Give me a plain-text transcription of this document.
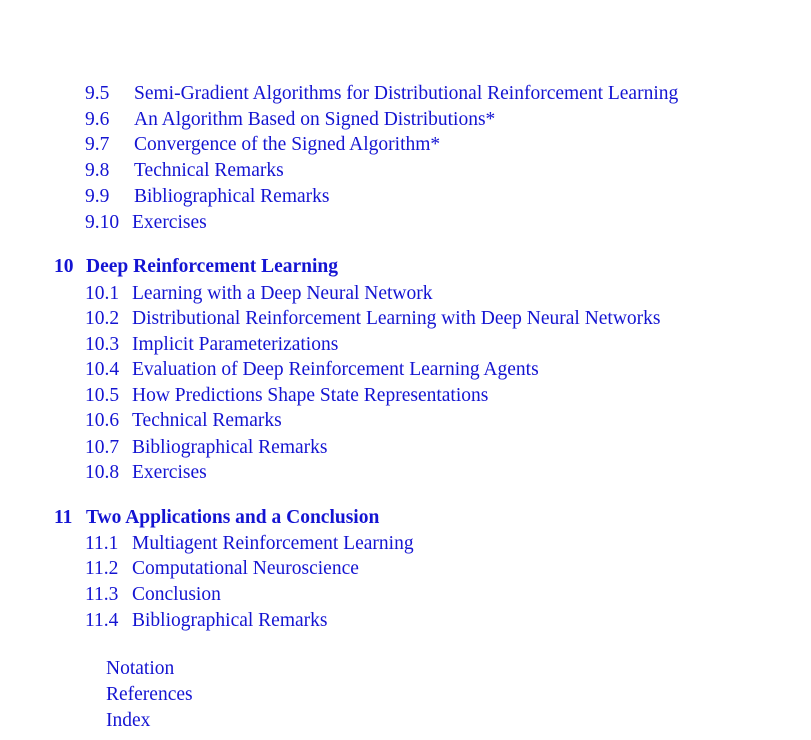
9.5 Semi-Gradient Algorithms for Distributional Reinforcement Learning
9.6 An Algorithm Based on Signed Distributions*
9.7 Convergence of the Signed Algorithm*
9.8 Technical Remarks
9.9 Bibliographical Remarks
9.10 Exercises
10 Deep Reinforcement Learning
10.1 Learning with a Deep Neural Network
10.2 Distributional Reinforcement Learning with Deep Neural Networks
10.3 Implicit Parameterizations
10.4 Evaluation of Deep Reinforcement Learning Agents
10.5 How Predictions Shape State Representations
10.6 Technical Remarks
10.7 Bibliographical Remarks
10.8 Exercises
11 Two Applications and a Conclusion
11.1 Multiagent Reinforcement Learning
11.2 Computational Neuroscience
11.3 Conclusion
11.4 Bibliographical Remarks
Notation
References
Index
